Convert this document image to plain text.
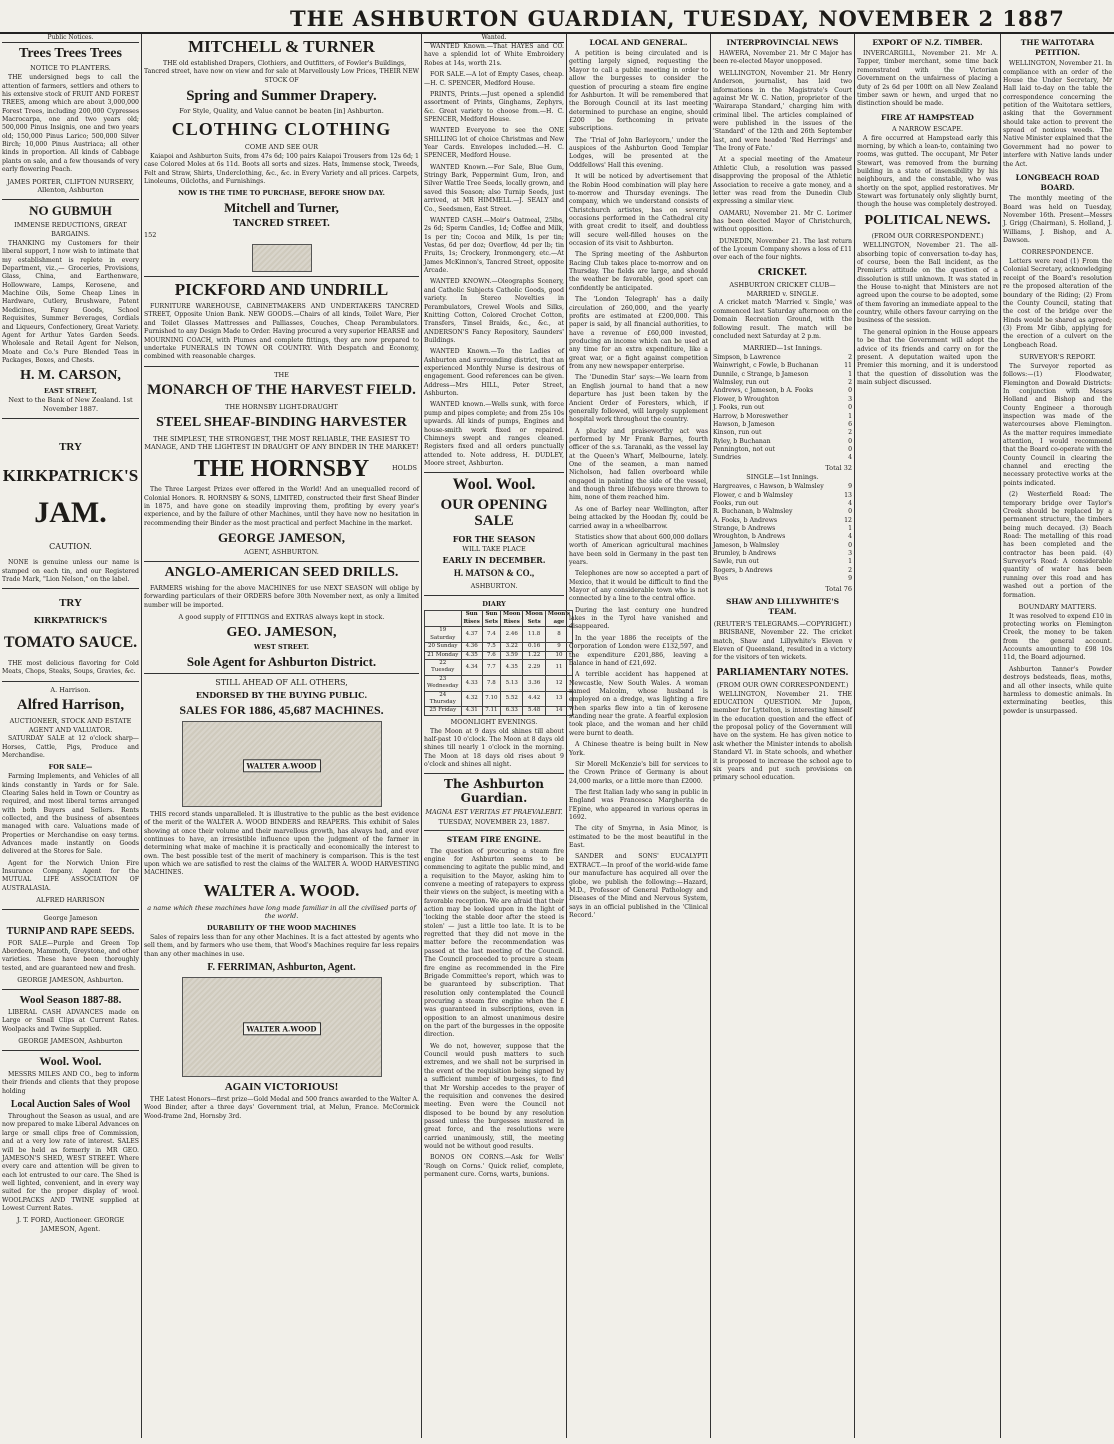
THE ASHBURTON GUARDIAN, TUESDAY, NOVEMBER 2 1887
Public Notices.
Trees Trees Trees
NOTICE TO PLANTERS.

THE undersigned begs to call the attention of farmers, settlers and others to his extensive stock of FRUIT AND FOREST TREES, among which are about 3,000,000 Forest Trees, including 200,000 Cypresses Macrocarpa, one and two years old; 500,000 Pinus Insignis, one and two years old; 150,000 Pinus Larico; 500,000 Silver Birch; 10,000 Pinus Austriaca; all other kinds in proportion. All kinds of Cabbage plants on sale, and a few thousands of very early flowering Peach.

JAMES PORTER, CLIFTON NURSERY, Allenton, Ashburton
NO GUBMUH
IMMENSE REDUCTIONS, GREAT BARGAINS.

THANKING my Customers for their liberal support, I now wish to intimate that my establishment is replete in every Department, viz.,— Groceries, Provisions, Glass, China, and Earthenware, Hollowware, Lamps, Kerosene, and Machine Oils, Some Cheap Lines in Hardware, Cutlery, Brushware, Patent Medicines, Fancy Goods, School Requisites, Summer Beverages, Cordials and Liqueurs, Confectionery, Great Variety. Agent for Arthur Yates Garden Seeds. Wholesale and Retail Agent for Nelson, Moate and Co.'s Pure Blended Teas in Packages, Boxes, and Chests.

H. M. CARSON,
EAST STREET,
Next to the Bank of New Zealand. 1st November 1887.
TRY
KIRKPATRICK'S
JAM.
CAUTION.

NONE is genuine unless our name is stamped on each tin, and our Registered Trade Mark, "Lion Nelson," on the label.

TRY
KIRKPATRICK'S
TOMATO SAUCE.

THE most delicious flavoring for Cold Meats, Chops, Steaks, Soups, Gravies, &c.

A. Harrison.
Alfred Harrison,
AUCTIONEER, STOCK AND ESTATE AGENT AND VALUATOR.

SATURDAY SALE at 12 o'clock sharp—Horses, Cattle, Pigs, Produce and Merchandise.

FOR SALE—

Farming Implements, and Vehicles of all kinds constantly in Yards or for Sale. Clearing Sales held in Town or Country as required, and most liberal terms arranged with both Buyers and Sellers. Rents collected, and the business of absentees managed with care. Valuations made of Properties or Merchandise on easy terms. Advances made instantly on Goods delivered at the Stores for Sale.

Agent for the Norwich Union Fire Insurance Company. Agent for the MUTUAL LIFE ASSOCIATION OF AUSTRALASIA.

ALFRED HARRISON
George Jameson
TURNIP AND RAPE SEEDS.

FOR SALE—Purple and Green Top Aberdeen, Mammoth, Greystone, and other varieties. These have been thoroughly tested, and are guaranteed new and fresh.

GEORGE JAMESON, Ashburton.
Wool Season 1887-88.

LIBERAL CASH ADVANCES made on Large or Small Clips at Current Rates. Woolpacks and Twine Supplied.

GEORGE JAMESON, Ashburton
Wool. Wool.

MESSRS MILES AND CO., beg to inform their friends and clients that they propose holding

Local Auction Sales of Wool

Throughout the Season as usual, and are now prepared to make Liberal Advances on large or small clips free of Commission, and at a very low rate of interest. SALES will be held as formerly in MR GEO. JAMESON'S SHED, WEST STREET. Where every care and attention will be given to each lot entrusted to our care. The Shed is well lighted, convenient, and in every way suited for the proper display of wool. WOOLPACKS AND TWINE supplied at Lowest Current Rates.

J. T. FORD, Auctioneer. GEORGE JAMESON, Agent.
MITCHELL & TURNER

THE old established Drapers, Clothiers, and Outfitters, of Fowler's Buildings, Tancred street, have now on view and for sale at Marvellously Low Prices, THEIR NEW STOCK OF

Spring and Summer Drapery.
For Style, Quality, and Value cannot be beaten [in] Ashburton.
CLOTHING CLOTHING
COME AND SEE OUR

Kaiapoi and Ashburton Suits, from 47s 6d; 100 pairs Kaiapoi Trousers from 12s 6d; 1 case Colored Moles at 6s 11d. Boots all sorts and sizes. Hats, Immense stock, Tweeds, Felt and Straw, Shirts, Underclothing, &c., &c. in Every Variety and all prices. Carpets, Linoleums, Oilcloths, and Furnishings.

NOW IS THE TIME TO PURCHASE, BEFORE SHOW DAY.
Mitchell and Turner,
TANCRED STREET.
152
PICKFORD AND UNDRILL

FURNITURE WAREHOUSE, CABINETMAKERS AND UNDERTAKERS TANCRED STREET, Opposite Union Bank. NEW GOODS.—Chairs of all kinds, Toilet Ware, Pier and Toilet Glasses Mattresses and Palliasses, Couches, Cheap Perambulators. Furnished to any Design Made to Order. Having procured a very superior HEARSE and MOURNING COACH, with Plumes and complete fittings, they are now prepared to undertake FUNERALS IN TOWN OR COUNTRY. With Despatch and Economy, combined with reasonable charges.

THE
MONARCH OF THE HARVEST FIELD.
THE HORNSBY LIGHT-DRAUGHT
STEEL SHEAF-BINDING HARVESTER
THE SIMPLEST, THE STRONGEST, THE MOST RELIABLE, THE EASIEST TO MANAGE, AND THE LIGHTEST IN DRAUGHT OF ANY BINDER IN THE MARKET!
THE HORNSBY	HOLDS

The Three Largest Prizes ever offered in the World! And an unequalled record of Colonial Honors. R. HORNSBY & SONS, LIMITED, constructed their first Sheaf Binder in 1875, and have gone on steadily improving them, profiting by every year's experience, and by the failure of other Machines, until they have now no hesitation in recommending their Binder as the most practical and perfect Machine in the market.

GEORGE JAMESON,
AGENT, ASHBURTON.
ANGLO-AMERICAN SEED DRILLS.

FARMERS wishing for the above MACHINES for use NEXT SEASON will oblige by forwarding particulars of their ORDERS before 30th November next, as only a limited number will be imported.

A good supply of FITTINGS and EXTRAS always kept in stock.
GEO. JAMESON,
WEST STREET.
Sole Agent for Ashburton District.
STILL AHEAD OF ALL OTHERS,
ENDORSED BY THE BUYING PUBLIC.
SALES FOR 1886, 45,687 MACHINES.
WALTER A.WOOD

THIS record stands unparalleled. It is illustrative to the public as the best evidence of the merit of the WALTER A. WOOD BINDERS and REAPERS. This exhibit of Sales showing at once their volume and their marvellous growth, has always had, and ever continues to have, an irresistible influence upon the judgment of the farmer in determining what make of machine it is practically and economically the interest to own. The best possible test of the merit of machinery is comparison. This is the test upon which we are satisfied to rest the claims of the WALTER A. WOOD HARVESTING MACHINES.

WALTER A. WOOD.
a name which these machines have long made familiar in all the civilised parts of the world.
DURABILITY OF THE WOOD MACHINES

Sales of repairs less than for any other Machines. It is a fact attested by agents who sell them, and by farmers who use them, that Wood's Machines require far less repairs than any other machines in use.

F. FERRIMAN, Ashburton, Agent.
WALTER A.WOOD
AGAIN VICTORIOUS!

THE Latest Honors—first prize—Gold Medal and 500 francs awarded to the Walter A. Wood Binder, after a three days' Government trial, at Melun, France. McCormick Wood-frame 2nd, Hornsby 3rd.

Wanted.

WANTED Known.—That HAYES and CO. have a splendid lot of White Embroidery Robes at 14s, worth 21s.

FOR SALE.—A lot of Empty Cases, cheap.—H. C. SPENCER, Medford House.

PRINTS, Prints.—Just opened a splendid assortment of Prints, Ginghams, Zephyrs, &c. Great variety to choose from.—H. C. SPENCER, Medford House.

WANTED Everyone to see the ONE SHILLING lot of choice Christmas and New Year Cards. Envelopes included.—H. C. SPENCER, Medford House.

WANTED Known.—For Sale, Blue Gum, Stringy Bark, Peppermint Gum, Iron, and Silver Wattle Tree Seeds, locally grown, and saved this Season; also Turnip Seeds, just arrived, at MR HIMMELL.—J. SEALY and Co., Seedsmen, East Street.

WANTED CASH.—Moir's Oatmeal, 25lbs, 2s 6d; Sperm Candles, 1d; Coffee and Milk, 1s per tin; Cocoa and Milk, 1s per tin; Vestas, 6d per doz; Overflow, 4d per lb; tin Fruits, 1s; Crockery, Ironmongery, etc.—At James McKinnon's, Tancred Street, opposite Arcade.

WANTED KNOWN.—Oleographs Scenery, and Catholic Subjects Catholic Goods, good variety. In Stereo Novelties in Perambulators, Crewel Wools and Silks, Knitting Cotton, Colored Crochet Cotton, Transfers, Tinsel Braids, &c., &c., at ANDERSON'S Fancy Repository, Saunders' Buildings.

WANTED Known.—To the Ladies of Ashburton and surrounding district, that an experienced Monthly Nurse is desirous of engagement. Good references can be given. Address—Mrs HILL, Peter Street, Ashburton.

WANTED known.—Wells sunk, with force pump and pipes complete; and from 25s 10s upwards. All kinds of pumps, Engines and house-smith work fixed or repaired. Chimneys swept and ranges cleaned. Registers fixed and all orders punctually attended to. Note address, H. DUDLEY, Moore street, Ashburton.

Wool. Wool.
OUR OPENING SALE
FOR THE SEASON
WILL TAKE PLACE
EARLY IN DECEMBER.
H. MATSON & CO.,
ASHBURTON.
DIARY
	Sun Rises	Sun Sets	Moon Rises	Moon Sets	Moon's age
19 Saturday	4.37	7.4	2.46	11.8	8
20 Sunday	4.36	7.5	3.22	0.16	9
21 Monday	4.35	7.6	3.59	1.22	10
22 Tuesday	4.34	7.7	4.35	2.29	11
23 Wednesday	4.33	7.8	5.13	3.36	12
24 Thursday	4.32	7.10	5.52	4.42	13
25 Friday	4.31	7.11	6.33	5.48	14
MOONLIGHT EVENINGS.

The Moon at 9 days old shines till about half-past 10 o'clock. The Moon at 8 days old shines till nearly 1 o'clock in the morning. The Moon at 18 days old rises about 9 o'clock and shines all night.

The Ashburton Guardian.
MAGNA EST VERITAS ET PRAEVALEBIT.
TUESDAY, NOVEMBER 23, 1887.
STEAM FIRE ENGINE.

The question of procuring a steam fire engine for Ashburton seems to be commencing to agitate the public mind, and a requisition to the Mayor, asking him to convene a meeting of ratepayers to express their views on the subject, is meeting with a favorable reception. We are afraid that their action may be looked upon in the light of 'locking the stable door after the steed is stolen' — just a little too late. It is to be regretted that they did not move in the matter before the recommendation was passed at the last meeting of the Council. The Council proceeded to procure a steam fire engine as recommended in the Fire Brigade Committee's report, which was to be guaranteed by subscription. That resolution only contemplated the Council procuring a steam fire engine when the £ was guaranteed in subscriptions, even in opposition to an almost unanimous desire on the part of the burgesses in the opposite direction.

We do not, however, suppose that the Council would push matters to such extremes, and we shall not be surprised in the event of the requisition being signed by a sufficient number of burgesses, to find that Mr Worship accedes to the prayer of the requisition and convenes the desired meeting. Even were the Council not disposed to be bound by any resolution passed unless the burgesses mustered in great force, and the resolutions were carried unanimously, still, the meeting would not be without good results.

BONOS ON CORNS.—Ask for Wells' 'Rough on Corns.' Quick relief, complete, permanent cure. Corns, warts, bunions.

LOCAL AND GENERAL.

A petition is being circulated and is getting largely signed, requesting the Mayor to call a public meeting in order to allow the burgesses to consider the question of procuring a steam fire engine for Ashburton. It will be remembered that the Borough Council at its last meeting determined to purchase an engine, should £200 be forthcoming in private subscriptions.

The 'Trial of John Barleycorn,' under the auspices of the Ashburton Good Templar Lodges, will be presented at the Oddfellows' Hall this evening.

It will be noticed by advertisement that the Robin Hood combination will play here to-morrow and Thursday evenings. The company, which we understand consists of Christchurch artistes, has on several occasions performed in the Cathedral city with great credit to itself, and doubtless will secure well-filled houses on the occasion of its visit to Ashburton.

The Spring meeting of the Ashburton Racing Club takes place to-morrow and on Thursday. The fields are large, and should the weather be favorable, good sport can confidently be anticipated.

The 'London Telegraph' has a daily circulation of 260,000, and the yearly profits are estimated at £200,000. This paper is said, by all financial authorities, to have a revenue of £60,000 invested, producing an income which can be used at any time for an extra expenditure, like a great war, or a fight against competition from any new newspaper enterprise.

The 'Dunedin Star' says:—We learn from an English journal to hand that a new departure has just been taken by the Ancient Order of Foresters, which, if generally followed, will largely supplement hospital work throughout the country.

A plucky and praiseworthy act was performed by Mr Frank Barnes, fourth officer of the s.s. Taranaki, as the vessel lay at the Queen's Wharf, Melbourne, lately. One of the seamen, a man named Nicholson, had fallen overboard while engaged in painting the side of the vessel, and though three lifebuoys were thrown to him, none of them reached him.

As one of Barley near Wellington, after being attacked by the Hoodan fly, could be carried away in a wheelbarrow.

Statistics show that about 600,000 dollars worth of American agricultural machines have been sold in Germany in the past ten years.

Telephones are now so accepted a part of Mexico, that it would be difficult to find the Mayor of any considerable town who is not connected by a line to the central office.

During the last century one hundred lakes in the Tyrol have vanished and disappeared.

In the year 1886 the receipts of the Corporation of London were £132,597, and the expenditure £201,886, leaving a balance in hand of £21,692.

A terrible accident has happened at Newcastle, New South Wales. A woman named Malcolm, whose husband is employed on a dredge, was lighting a fire when sparks flew into a tin of kerosene standing near the grate. A fearful explosion took place, and the woman and her child were burnt to death.

A Chinese theatre is being built in New York.

Sir Morell McKenzie's bill for services to the Crown Prince of Germany is about 24,000 marks, or a little more than £2000.

The first Italian lady who sang in public in England was Francesca Margherita de l'Epine, who appeared in various operas in 1692.

The city of Smyrna, in Asia Minor, is estimated to be the most beautiful in the East.

SANDER and SONS' EUCALYPTI EXTRACT.—In proof of the world-wide fame our manufacture has acquired all over the globe, we publish the following:—Hazard, M.D., Professor of General Pathology and Diseases of the Mind and Nervous System, says in an official published in the 'Clinical Record.'

INTERPROVINCIAL NEWS

HAWERA, November 21. Mr C Major has been re-elected Mayor unopposed.

WELLINGTON, November 21. Mr Henry Anderson, journalist, has laid two informations in the Magistrate's Court against Mr W. C. Nation, proprietor of the 'Wairarapa Standard,' charging him with criminal libel. The articles complained of were published in the issues of the 'Standard' of the 12th and 26th September last, and were headed 'Red Herrings' and 'The Irony of Fate.'

At a special meeting of the Amateur Athletic Club, a resolution was passed disapproving the proposal of the Athletic Association to receive a gate money, and a letter was read from the Dunedin Club expressing a similar view.

OAMARU, November 21. Mr C. Lorimer has been elected Mayor of Christchurch, without opposition.

DUNEDIN, November 21. The last return of the Lyceum Company shows a loss of £11 over each of the four nights.

CRICKET.
ASHBURTON CRICKET CLUB—MARRIED v. SINGLE.

A cricket match 'Married v. Single,' was commenced last Saturday afternoon on the Domain Recreation Ground, with the following result. The match will be concluded next Saturday at 2 p.m.

MARRIED—1st Innings.
Simpson, b Lawrence	2
Wainwright, c Fowle, b Buchanan	11
Dunnile, c Strange, b Jameson	1
Walmsley, run out	2
Andrews, c Jameson, b A. Fooks	0
Flower, b Wroughton	3
J. Fooks, run out	0
Harrow, b Moreswether	1
Hawson, b Jameson	6
Kinson, run out	2
Ryley, b Buchanan	0
Pennington, not out	0
Sundries	4
Total 32
SINGLE—1st Innings.
Hargreaves, c Hawson, b Walmsley	9
Flower, c and b Walmsley	13
Fooks, run out	4
R. Buchanan, b Walmsley	0
A. Fooks, b Andrews	12
Strange, b Andrews	1
Wroughton, b Andrews	4
Jameson, b Walmsley	0
Brumley, b Andrews	3
Sawle, run out	1
Rogers, b Andrews	2
Byes	9
Total 76
SHAW AND LILLYWHITE'S TEAM.
(REUTER'S TELEGRAMS.—COPYRIGHT.)

BRISBANE, November 22. The cricket match, Shaw and Lillywhite's Eleven v Eleven of Queensland, resulted in a victory for the visitors of ten wickets.

PARLIAMENTARY NOTES.
(FROM OUR OWN CORRESPONDENT.)

WELLINGTON, November 21. THE EDUCATION QUESTION. Mr Jupon, member for Lyttelton, is interesting himself in the education question and the effect of the proposal policy of the Government will have on the system. He has given notice to ask whether the Minister intends to abolish Standard VI. in State schools, and whether it is proposed to increase the school age to six years and put such provisions on primary school education.

EXPORT OF N.Z. TIMBER.

INVERCARGILL, November 21. Mr A. Tapper, timber merchant, some time back remonstrated with the Victorian Government on the unfairness of placing a duty of 2s 6d per 100ft on all New Zealand timber sawn or hewn, and urged that no distinction should be made.

FIRE AT HAMPSTEAD
A NARROW ESCAPE.

A fire occurred at Hampstead early this morning, by which a lean-to, containing two rooms, was gutted. The occupant, Mr Peter Stewart, was removed from the burning building in a state of insensibility by his neighbours, and the constable, who was shortly on the spot, applied restoratives. Mr Stewart was fortunately only slightly burnt, though the house was completely destroyed.

POLITICAL NEWS.
(FROM OUR CORRESPONDENT.)

WELLINGTON, November 21. The all-absorbing topic of conversation to-day has, of course, been the Ball incident, as the Premier's attitude on the question of a dissolution is still unknown. It was stated in the House to-night that Ministers are not agreed upon the course to be adopted, some of them favoring an immediate appeal to the country, while others favour carrying on the business of the session.

The general opinion in the House appears to be that the Government will adopt the advice of its friends and carry on for the present. A deputation waited upon the Premier this morning, and it is understood that the question of dissolution was the main subject discussed.

THE WAITOTARA PETITION.

WELLINGTON, November 21. In compliance with an order of the House the Under Secretary, Mr Hall laid to-day on the table the correspondence concerning the petition of the Waitotara settlers, asking that the Government should take action to prevent the spread of noxious weeds. The Native Minister explained that the Government had no power to interfere with Native lands under the Act.

LONGBEACH ROAD BOARD.

The monthly meeting of the Board was held on Tuesday, November 16th. Present—Messrs J. Grigg (Chairman), S. Holland, J. Williams, J. Bishop, and A. Dawson.

CORRESPONDENCE.

Letters were read (1) From the Colonial Secretary, acknowledging receipt of the Board's resolution re the proposed alteration of the boundary of the Riding; (2) From the County Council, stating that the cost of the bridge over the Hinds would be shared as agreed; (3) From Mr Gibb, applying for the erection of a culvert on the Longbeach Road.

SURVEYOR'S REPORT.

The Surveyor reported as follows:—(1) Floodwater, Flemington and Dowald Districts: In conjunction with Messrs Holland and Bishop and the County Engineer a thorough inspection was made of the watercourses above Flemington. As the matter requires immediate attention, I would recommend that the Board co-operate with the County Council in clearing the channel and erecting the necessary protective works at the points indicated.

(2) Westerfield Road: The temporary bridge over Taylor's Creek should be replaced by a permanent structure, the timbers being much decayed. (3) Beach Road: The metalling of this road has been completed and the contractor has been paid. (4) Surveyor's Road: A considerable quantity of water has been running over this road and has washed out a portion of the formation.

BOUNDARY MATTERS.

It was resolved to expend £10 in protecting works on Flemington Creek, the money to be taken from the general account. Accounts amounting to £98 10s 11d, the Board adjourned.

Ashburton Tanner's Powder destroys bedsteads, fleas, moths, and all other insects, while quite harmless to domestic animals. In exterminating beetles, this powder is unsurpassed.
